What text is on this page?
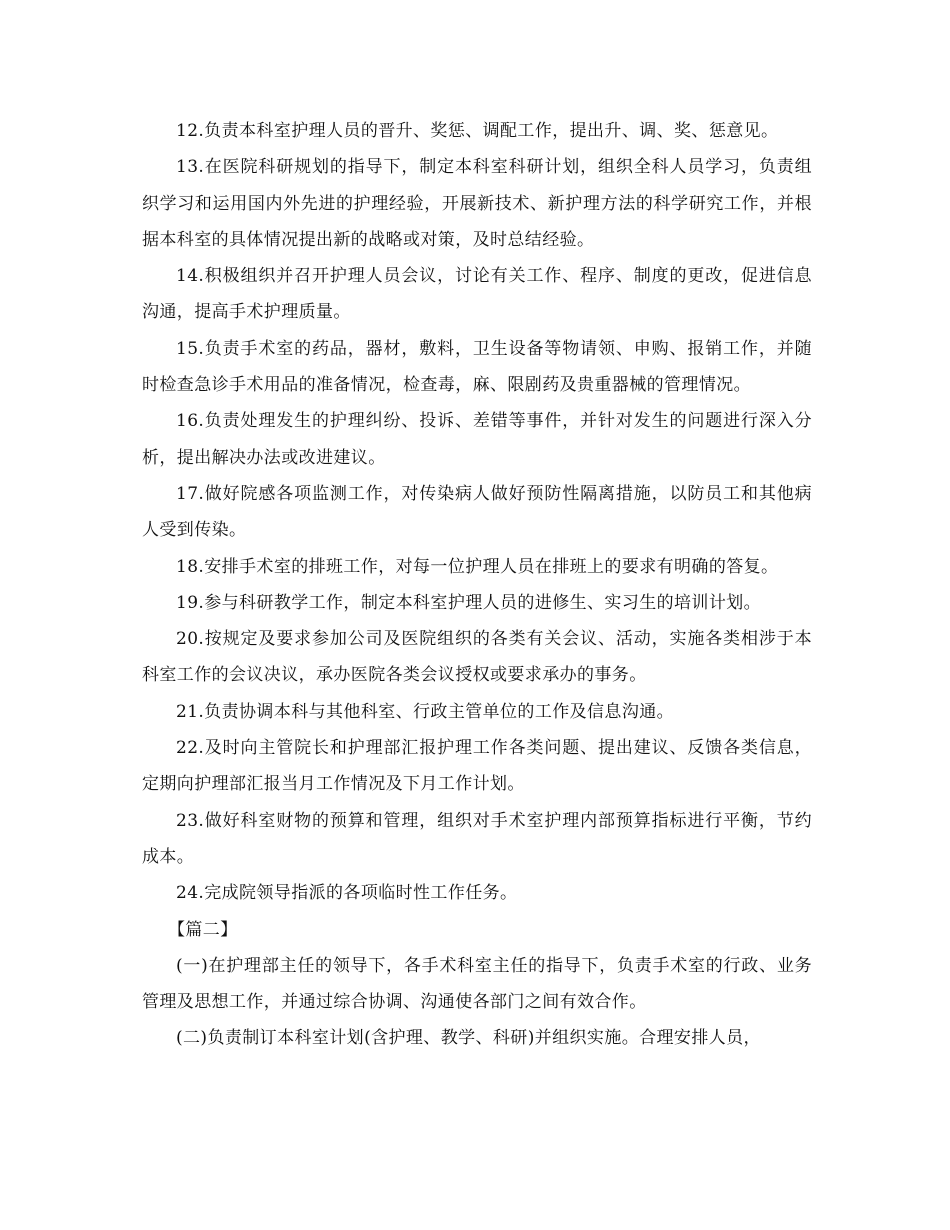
12.负责本科室护理人员的晋升、奖惩、调配工作，提出升、调、奖、惩意见。

13.在医院科研规划的指导下，制定本科室科研计划，组织全科人员学习，负责组织学习和运用国内外先进的护理经验，开展新技术、新护理方法的科学研究工作，并根据本科室的具体情况提出新的战略或对策，及时总结经验。

14.积极组织并召开护理人员会议，讨论有关工作、程序、制度的更改，促进信息沟通，提高手术护理质量。

15.负责手术室的药品，器材，敷料，卫生设备等物请领、申购、报销工作，并随时检查急诊手术用品的准备情况，检查毒，麻、限剧药及贵重器械的管理情况。

16.负责处理发生的护理纠纷、投诉、差错等事件，并针对发生的问题进行深入分析，提出解决办法或改进建议。

17.做好院感各项监测工作，对传染病人做好预防性隔离措施，以防员工和其他病人受到传染。

18.安排手术室的排班工作，对每一位护理人员在排班上的要求有明确的答复。

19.参与科研教学工作，制定本科室护理人员的进修生、实习生的培训计划。

20.按规定及要求参加公司及医院组织的各类有关会议、活动，实施各类相涉于本科室工作的会议决议，承办医院各类会议授权或要求承办的事务。

21.负责协调本科与其他科室、行政主管单位的工作及信息沟通。

22.及时向主管院长和护理部汇报护理工作各类问题、提出建议、反馈各类信息，定期向护理部汇报当月工作情况及下月工作计划。

23.做好科室财物的预算和管理，组织对手术室护理内部预算指标进行平衡，节约成本。

24.完成院领导指派的各项临时性工作任务。

【篇二】

(一)在护理部主任的领导下，各手术科室主任的指导下，负责手术室的行政、业务管理及思想工作，并通过综合协调、沟通使各部门之间有效合作。

(二)负责制订本科室计划(含护理、教学、科研)并组织实施。合理安排人员，
